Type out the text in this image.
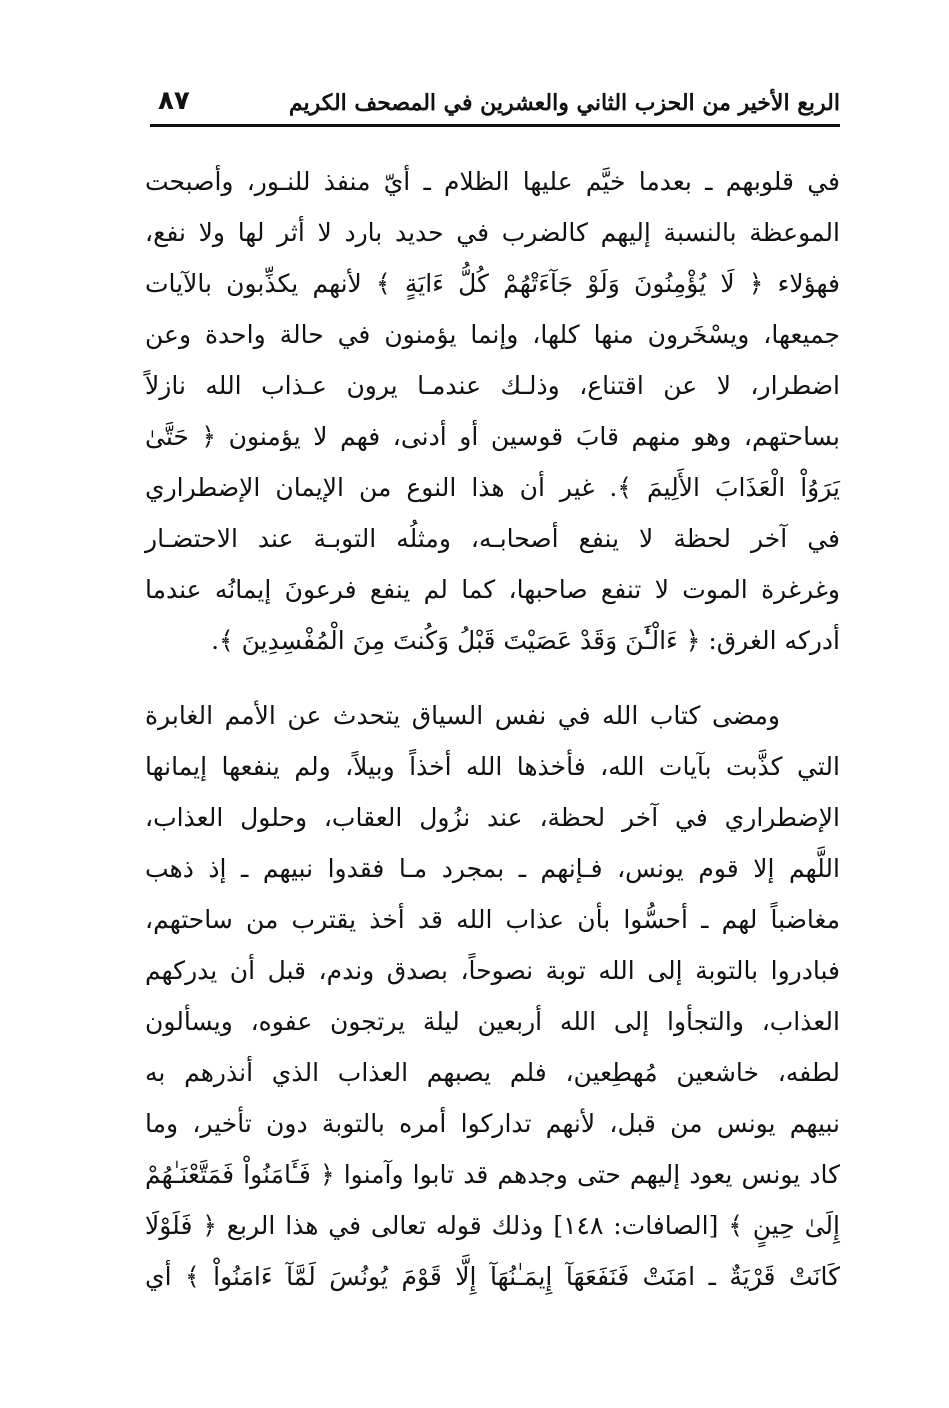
الربع الأخير من الحزب الثاني والعشرين في المصحف الكريم
٨٧
في قلوبهم ـ بعدما خيَّم عليها الظلام ـ أيّ منفذ للنـور، وأصبحت
الموعظة بالنسبة إليهم كالضرب في حديد بارد لا أثر لها ولا نفع،
فهؤلاء ﴿ لَا يُؤْمِنُونَ وَلَوْ جَآءَتْهُمْ كُلُّ ءَايَةٍ ﴾ لأنهم يكذِّبون بالآيات
جميعها، ويسْخَرون منها كلها، وإنما يؤمنون في حالة واحدة وعن
اضطرار، لا عن اقتناع، وذلـك عندمـا يرون عـذاب الله نازلاً
بساحتهم، وهو منهم قابَ قوسين أو أدنى، فهم لا يؤمنون ﴿ حَتَّىٰ
يَرَوُاْ الْعَذَابَ الأَلِيمَ ﴾. غير أن هذا النوع من الإيمان الإضطراري
في آخر لحظة لا ينفع أصحابـه، ومثلُه التوبـة عند الاحتضـار
وغرغرة الموت لا تنفع صاحبها، كما لم ينفع فرعونَ إيمانُه عندما
أدركه الغرق: ﴿ ءَالْـَٰٔنَ وَقَدْ عَصَيْتَ قَبْلُ وَكُنتَ مِنَ الْمُفْسِدِينَ ﴾.
ومضى كتاب الله في نفس السياق يتحدث عن الأمم الغابرة
التي كذَّبت بآيات الله، فأخذها الله أخذاً وبيلاً، ولم ينفعها إيمانها
الإضطراري في آخر لحظة، عند نزُول العقاب، وحلول العذاب،
اللَّهم إلا قوم يونس، فـإنهم ـ بمجرد مـا فقدوا نبيهم ـ إذ ذهب
مغاضباً لهم ـ أحسُّوا بأن عذاب الله قد أخذ يقترب من ساحتهم،
فبادروا بالتوبة إلى الله توبة نصوحاً، بصدق وندم، قبل أن يدركهم
العذاب، والتجأوا إلى الله أربعين ليلة يرتجون عفوه، ويسألون
لطفه، خاشعين مُهطِعين، فلم يصبهم العذاب الذي أنذرهم به
نبيهم يونس من قبل، لأنهم تداركوا أمره بالتوبة دون تأخير، وما
كاد يونس يعود إليهم حتى وجدهم قد تابوا وآمنوا ﴿ فَـَٔامَنُواْ فَمَتَّعْنَـٰهُمْ
إِلَىٰ حِينٍ ﴾ [الصافات: ١٤٨] وذلك قوله تعالى في هذا الربع ﴿ فَلَوْلَا
كَانَتْ قَرْيَةٌ ـ امَنَتْ فَنَفَعَهَآ إِيمَـٰنُهَآ إِلَّا قَوْمَ يُونُسَ لَمَّآ ءَامَنُواْ ﴾ أي
